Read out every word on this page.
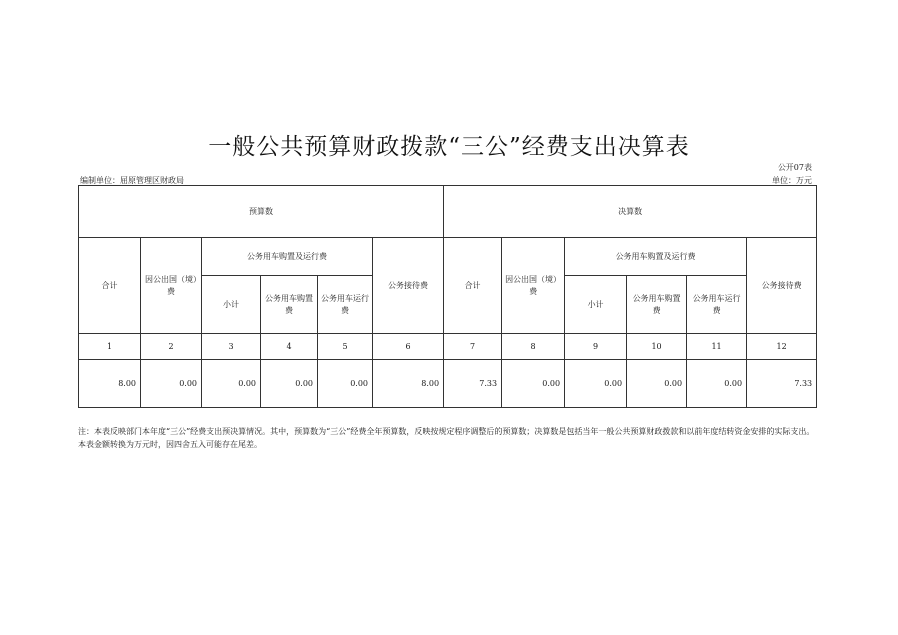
一般公共预算财政拨款“三公”经费支出决算表
公开07表
编制单位：屈原管理区财政局	单位：万元
预算数						决算数					
合计	因公出国（境）费	公务用车购置及运行费			公务接待费	合计	因公出国（境）费	公务用车购置及运行费			公务接待费
		小计	公务用车购置费	公务用车运行费				小计	公务用车购置费	公务用车运行费	
1	2	3	4	5	6	7	8	9	10	11	12
8.00	0.00	0.00	0.00	0.00	8.00	7.33	0.00	0.00	0.00	0.00	7.33
注：本表反映部门本年度“三公”经费支出预决算情况。其中，预算数为“三公”经费全年预算数，反映按规定程序调整后的预算数；决算数是包括当年一般公共预算财政拨款和以前年度结转资金安排的实际支出。本表金额转换为万元时，因四舍五入可能存在尾差。
